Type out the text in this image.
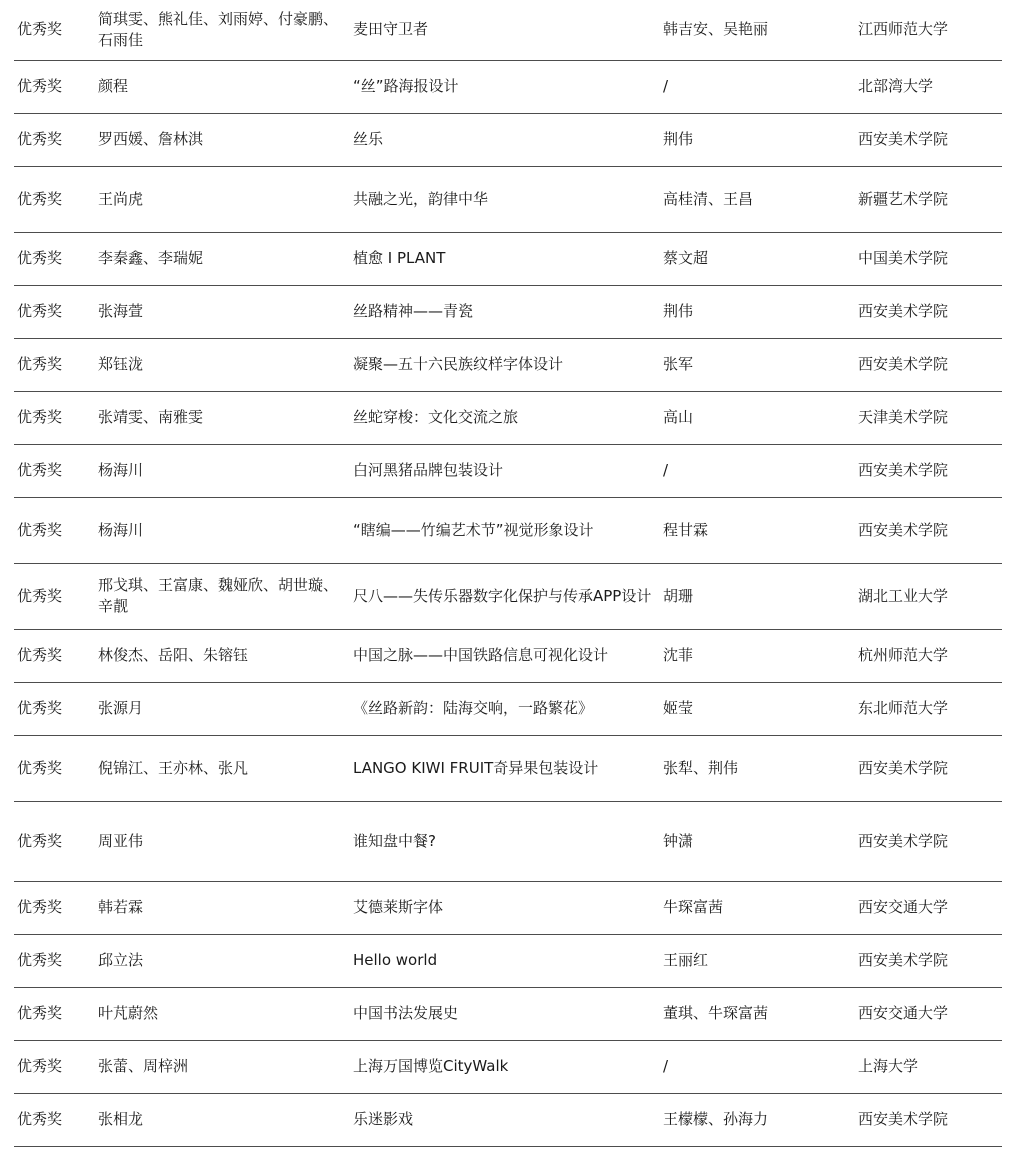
优秀奖	简琪雯、熊礼佳、刘雨婷、付豪鹏、石雨佳	麦田守卫者	韩吉安、吴艳丽	江西师范大学
优秀奖	颜程	“丝”路海报设计	/	北部湾大学
优秀奖	罗西媛、詹林淇	丝乐	荆伟	西安美术学院
优秀奖	王尚虎	共融之光，韵律中华	高桂清、王昌	新疆艺术学院
优秀奖	李秦鑫、李瑞妮	植愈 I PLANT	蔡文超	中国美术学院
优秀奖	张海萱	丝路精神——青瓷	荆伟	西安美术学院
优秀奖	郑钰泷	凝聚—五十六民族纹样字体设计	张军	西安美术学院
优秀奖	张靖雯、南雅雯	丝蛇穿梭：文化交流之旅	高山	天津美术学院
优秀奖	杨海川	白河黑猪品牌包装设计	/	西安美术学院
优秀奖	杨海川	“瞎编——竹编艺术节”视觉形象设计	程甘霖	西安美术学院
优秀奖	邢戈琪、王富康、魏娅欣、胡世璇、辛靓	尺八——失传乐器数字化保护与传承APP设计	胡珊	湖北工业大学
优秀奖	林俊杰、岳阳、朱镕钰	中国之脉——中国铁路信息可视化设计	沈菲	杭州师范大学
优秀奖	张源月	《丝路新韵：陆海交响，一路繁花》	姬莹	东北师范大学
优秀奖	倪锦江、王亦林、张凡	LANGO KIWI FRUIT奇异果包装设计	张犁、荆伟	西安美术学院
优秀奖	周亚伟	谁知盘中餐?	钟潇	西安美术学院
优秀奖	韩若霖	艾德莱斯字体	牛琛富茜	西安交通大学
优秀奖	邱立法	Hello world	王丽红	西安美术学院
优秀奖	叶芃蔚然	中国书法发展史	董琪、牛琛富茜	西安交通大学
优秀奖	张蕾、周梓洲	上海万国博览CityWalk	/	上海大学
优秀奖	张相龙	乐迷影戏	王檬檬、孙海力	西安美术学院
